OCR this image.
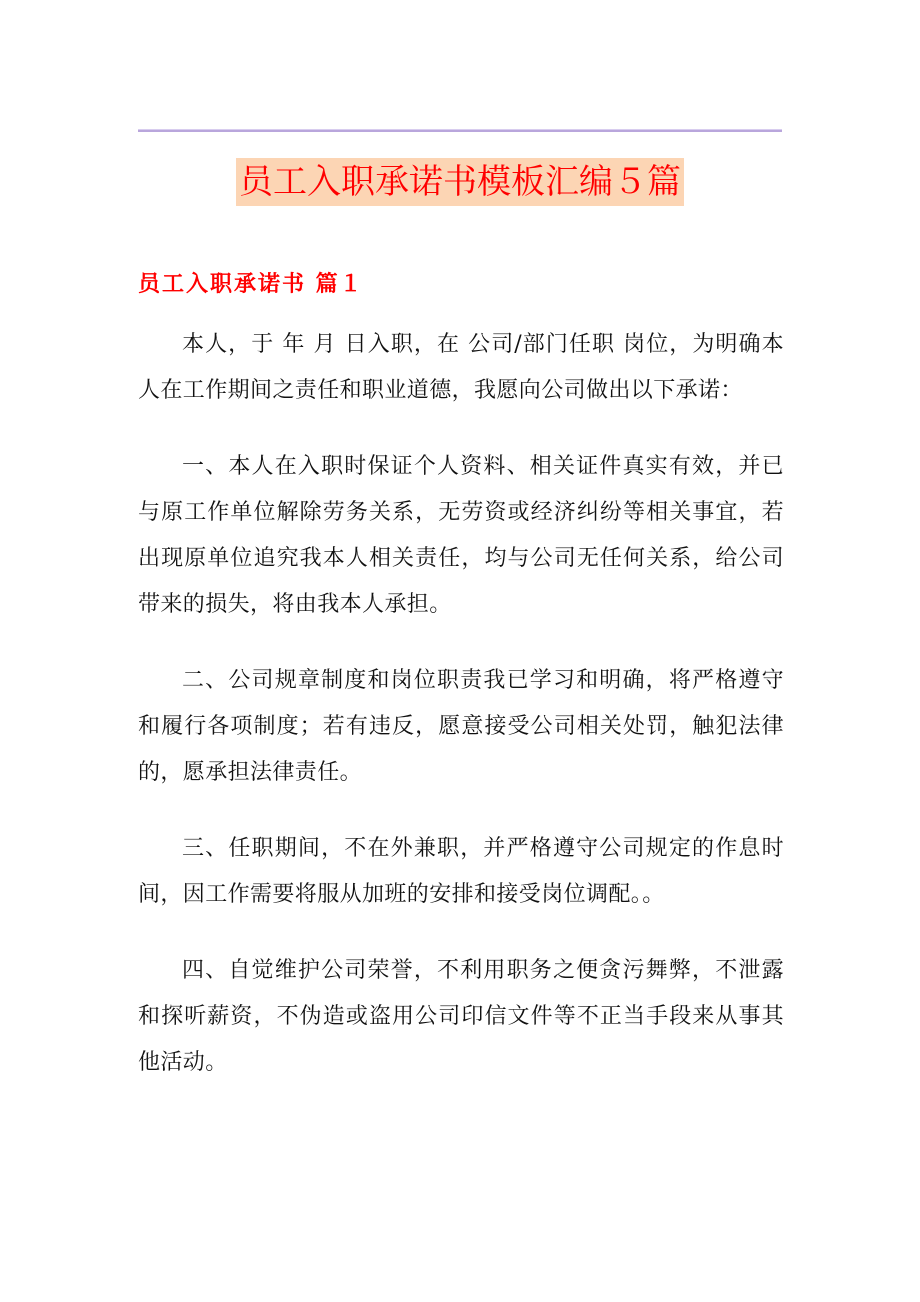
员工入职承诺书模板汇编５篇
员工入职承诺书 篇１

本人，于 年 月 日入职，在 公司/部门任职 岗位，为明确本人在工作期间之责任和职业道德，我愿向公司做出以下承诺：

一、本人在入职时保证个人资料、相关证件真实有效，并已与原工作单位解除劳务关系，无劳资或经济纠纷等相关事宜，若出现原单位追究我本人相关责任，均与公司无任何关系，给公司带来的损失，将由我本人承担。

二、公司规章制度和岗位职责我已学习和明确，将严格遵守和履行各项制度；若有违反，愿意接受公司相关处罚，触犯法律的，愿承担法律责任。

三、任职期间，不在外兼职，并严格遵守公司规定的作息时间，因工作需要将服从加班的安排和接受岗位调配。。

四、自觉维护公司荣誉，不利用职务之便贪污舞弊，不泄露和探听薪资，不伪造或盗用公司印信文件等不正当手段来从事其他活动。
